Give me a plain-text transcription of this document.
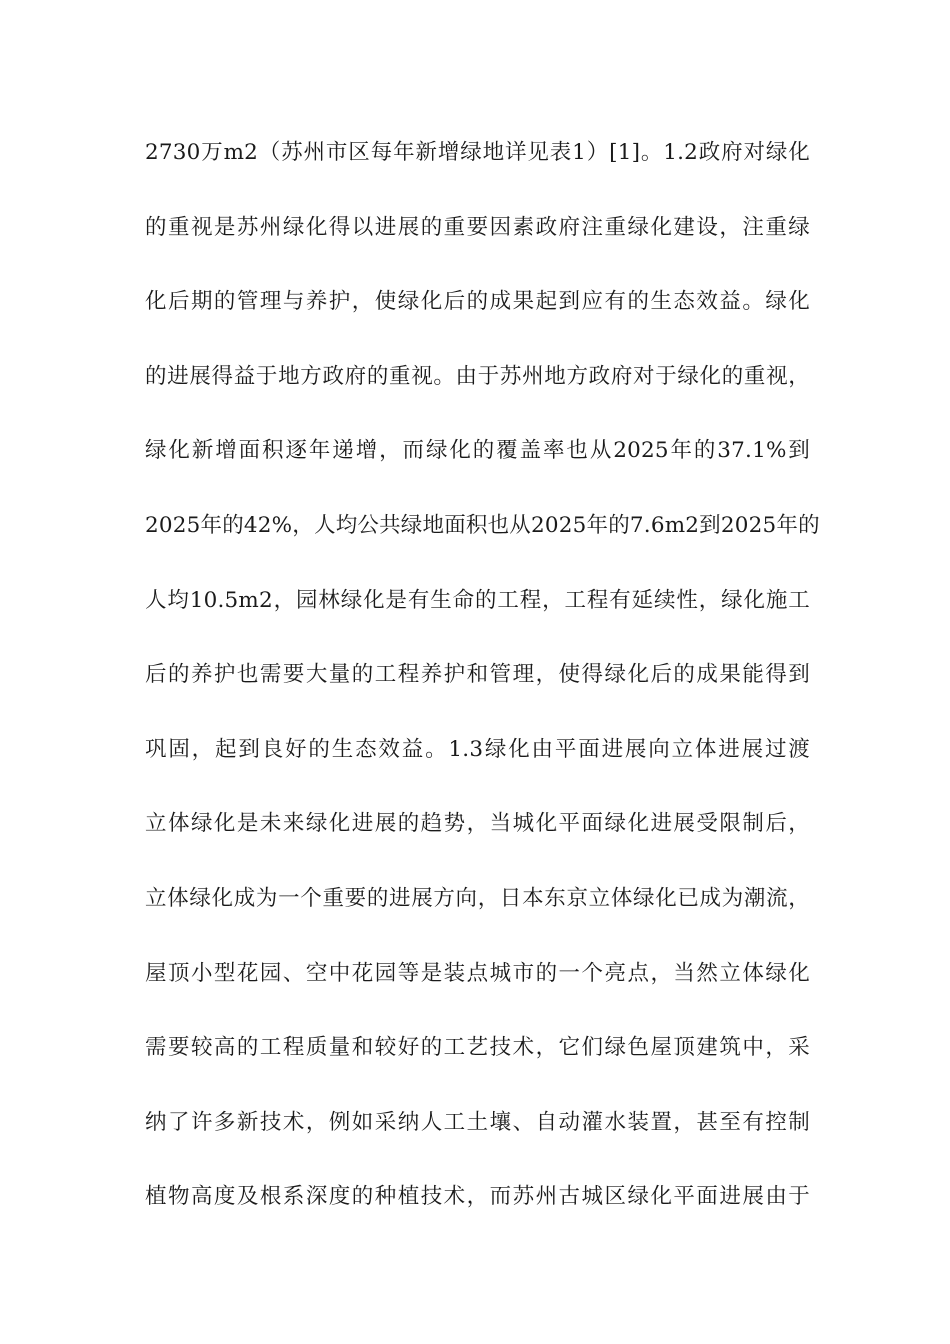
2730万m2（苏州市区每年新增绿地详见表1）[1]。1.2政府对绿化
的重视是苏州绿化得以进展的重要因素政府注重绿化建设，注重绿
化后期的管理与养护，使绿化后的成果起到应有的生态效益。绿化
的进展得益于地方政府的重视。由于苏州地方政府对于绿化的重视，
绿化新增面积逐年递增，而绿化的覆盖率也从2025年的37.1%到
2025年的42%，人均公共绿地面积也从2025年的7.6m2到2025年的
人均10.5m2，园林绿化是有生命的工程，工程有延续性，绿化施工
后的养护也需要大量的工程养护和管理，使得绿化后的成果能得到
巩固，起到良好的生态效益。1.3绿化由平面进展向立体进展过渡
立体绿化是未来绿化进展的趋势，当城化平面绿化进展受限制后，
立体绿化成为一个重要的进展方向，日本东京立体绿化已成为潮流，
屋顶小型花园、空中花园等是装点城市的一个亮点，当然立体绿化
需要较高的工程质量和较好的工艺技术，它们绿色屋顶建筑中，采
纳了许多新技术，例如采纳人工土壤、自动灌水装置，甚至有控制
植物高度及根系深度的种植技术，而苏州古城区绿化平面进展由于
